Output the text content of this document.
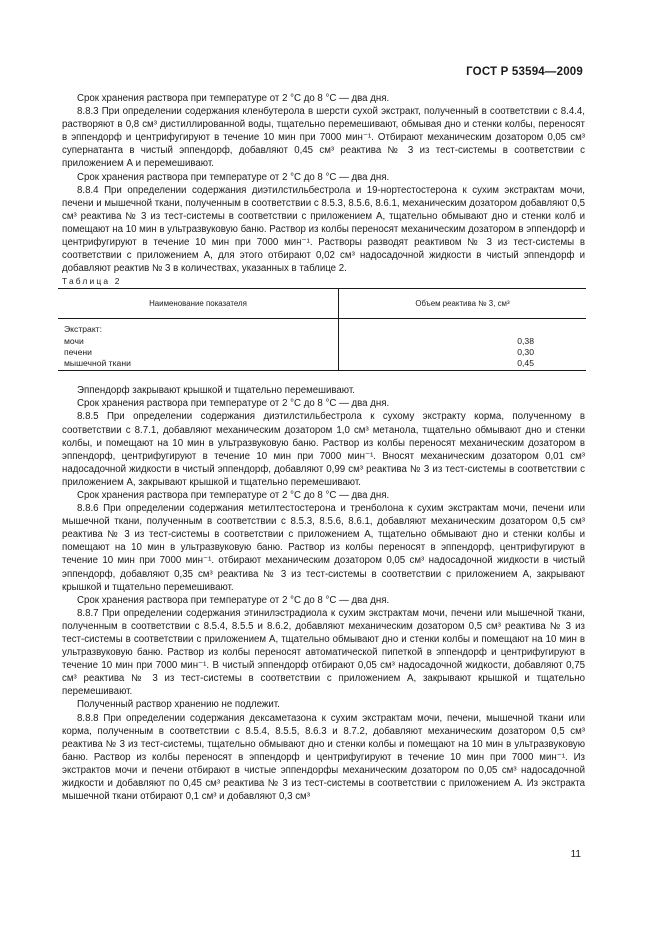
ГОСТ Р 53594—2009

Срок хранения раствора при температуре от 2 °С до 8 °С — два дня.

8.8.3 При определении содержания кленбутерола в шерсти сухой экстракт, полученный в соответствии с 8.4.4, растворяют в 0,8 см³ дистиллированной воды, тщательно перемешивают, обмывая дно и стенки колбы, переносят в эппендорф и центрифугируют в течение 10 мин при 7000 мин⁻¹. Отбирают механическим дозатором 0,05 см³ супернатанта в чистый эппендорф, добавляют 0,45 см³ реактива № 3 из тест-системы в соответствии с приложением А и перемешивают.

Срок хранения раствора при температуре от 2 °С до 8 °С — два дня.

8.8.4 При определении содержания диэтилстильбестрола и 19-нортестостерона к сухим экстрактам мочи, печени и мышечной ткани, полученным в соответствии с 8.5.3, 8.5.6, 8.6.1, механическим дозатором добавляют 0,5 см³ реактива № 3 из тест-системы в соответствии с приложением А, тщательно обмывают дно и стенки колб и помещают на 10 мин в ультразвуковую баню. Раствор из колбы переносят механическим дозатором в эппендорф и центрифугируют в течение 10 мин при 7000 мин⁻¹. Растворы разводят реактивом № 3 из тест-системы в соответствии с приложением А, для этого отбирают 0,02 см³ надосадочной жидкости в чистый эппендорф и добавляют реактив № 3 в количествах, указанных в таблице 2.

Таблица 2

Наименование показателя	Объем реактива № 3, см³
Экстракт:	
мочи	0,38
печени	0,30
мышечной ткани	0,45

Эппендорф закрывают крышкой и тщательно перемешивают.

Срок хранения раствора при температуре от 2 °С до 8 °С — два дня.

8.8.5 При определении содержания диэтилстильбестрола к сухому экстракту корма, полученному в соответствии с 8.7.1, добавляют механическим дозатором 1,0 см³ метанола, тщательно обмывают дно и стенки колбы, и помещают на 10 мин в ультразвуковую баню. Раствор из колбы переносят механическим дозатором в эппендорф, центрифугируют в течение 10 мин при 7000 мин⁻¹. Вносят механическим дозатором 0,01 см³ надосадочной жидкости в чистый эппендорф, добавляют 0,99 см³ реактива № 3 из тест-системы в соответствии с приложением А, закрывают крышкой и тщательно перемешивают.

Срок хранения раствора при температуре от 2 °С до 8 °С — два дня.

8.8.6 При определении содержания метилтестостерона и тренболона к сухим экстрактам мочи, печени или мышечной ткани, полученным в соответствии с 8.5.3, 8.5.6, 8.6.1, добавляют механическим дозатором 0,5 см³ реактива № 3 из тест-системы в соответствии с приложением А, тщательно обмывают дно и стенки колбы и помещают на 10 мин в ультразвуковую баню. Раствор из колбы переносят в эппендорф, центрифугируют в течение 10 мин при 7000 мин⁻¹. отбирают механическим дозатором 0,05 см³ надосадочной жидкости в чистый эппендорф, добавляют 0,35 см³ реактива № 3 из тест-системы в соответствии с приложением А, закрывают крышкой и тщательно перемешивают.

Срок хранения раствора при температуре от 2 °С до 8 °С — два дня.

8.8.7 При определении содержания этинилэстрадиола к сухим экстрактам мочи, печени или мышечной ткани, полученным в соответствии с 8.5.4, 8.5.5 и 8.6.2, добавляют механическим дозатором 0,5 см³ реактива № 3 из тест-системы в соответствии с приложением А, тщательно обмывают дно и стенки колбы и помещают на 10 мин в ультразвуковую баню. Раствор из колбы переносят автоматической пипеткой в эппендорф и центрифугируют в течение 10 мин при 7000 мин⁻¹. В чистый эппендорф отбирают 0,05 см³ надосадочной жидкости, добавляют 0,75 см³ реактива № 3 из тест-системы в соответствии с приложением А, закрывают крышкой и тщательно перемешивают.

Полученный раствор хранению не подлежит.

8.8.8 При определении содержания дексаметазона к сухим экстрактам мочи, печени, мышечной ткани или корма, полученным в соответствии с 8.5.4, 8.5.5, 8.6.3 и 8.7.2, добавляют механическим дозатором 0,5 см³ реактива № 3 из тест-системы, тщательно обмывают дно и стенки колбы и помещают на 10 мин в ультразвуковую баню. Раствор из колбы переносят в эппендорф и центрифугируют в течение 10 мин при 7000 мин⁻¹. Из экстрактов мочи и печени отбирают в чистые эппендорфы механическим дозатором по 0,05 см³ надосадочной жидкости и добавляют по 0,45 см³ реактива № 3 из тест-системы в соответствии с приложением А. Из экстракта мышечной ткани отбирают 0,1 см³ и добавляют 0,3 см³

11
